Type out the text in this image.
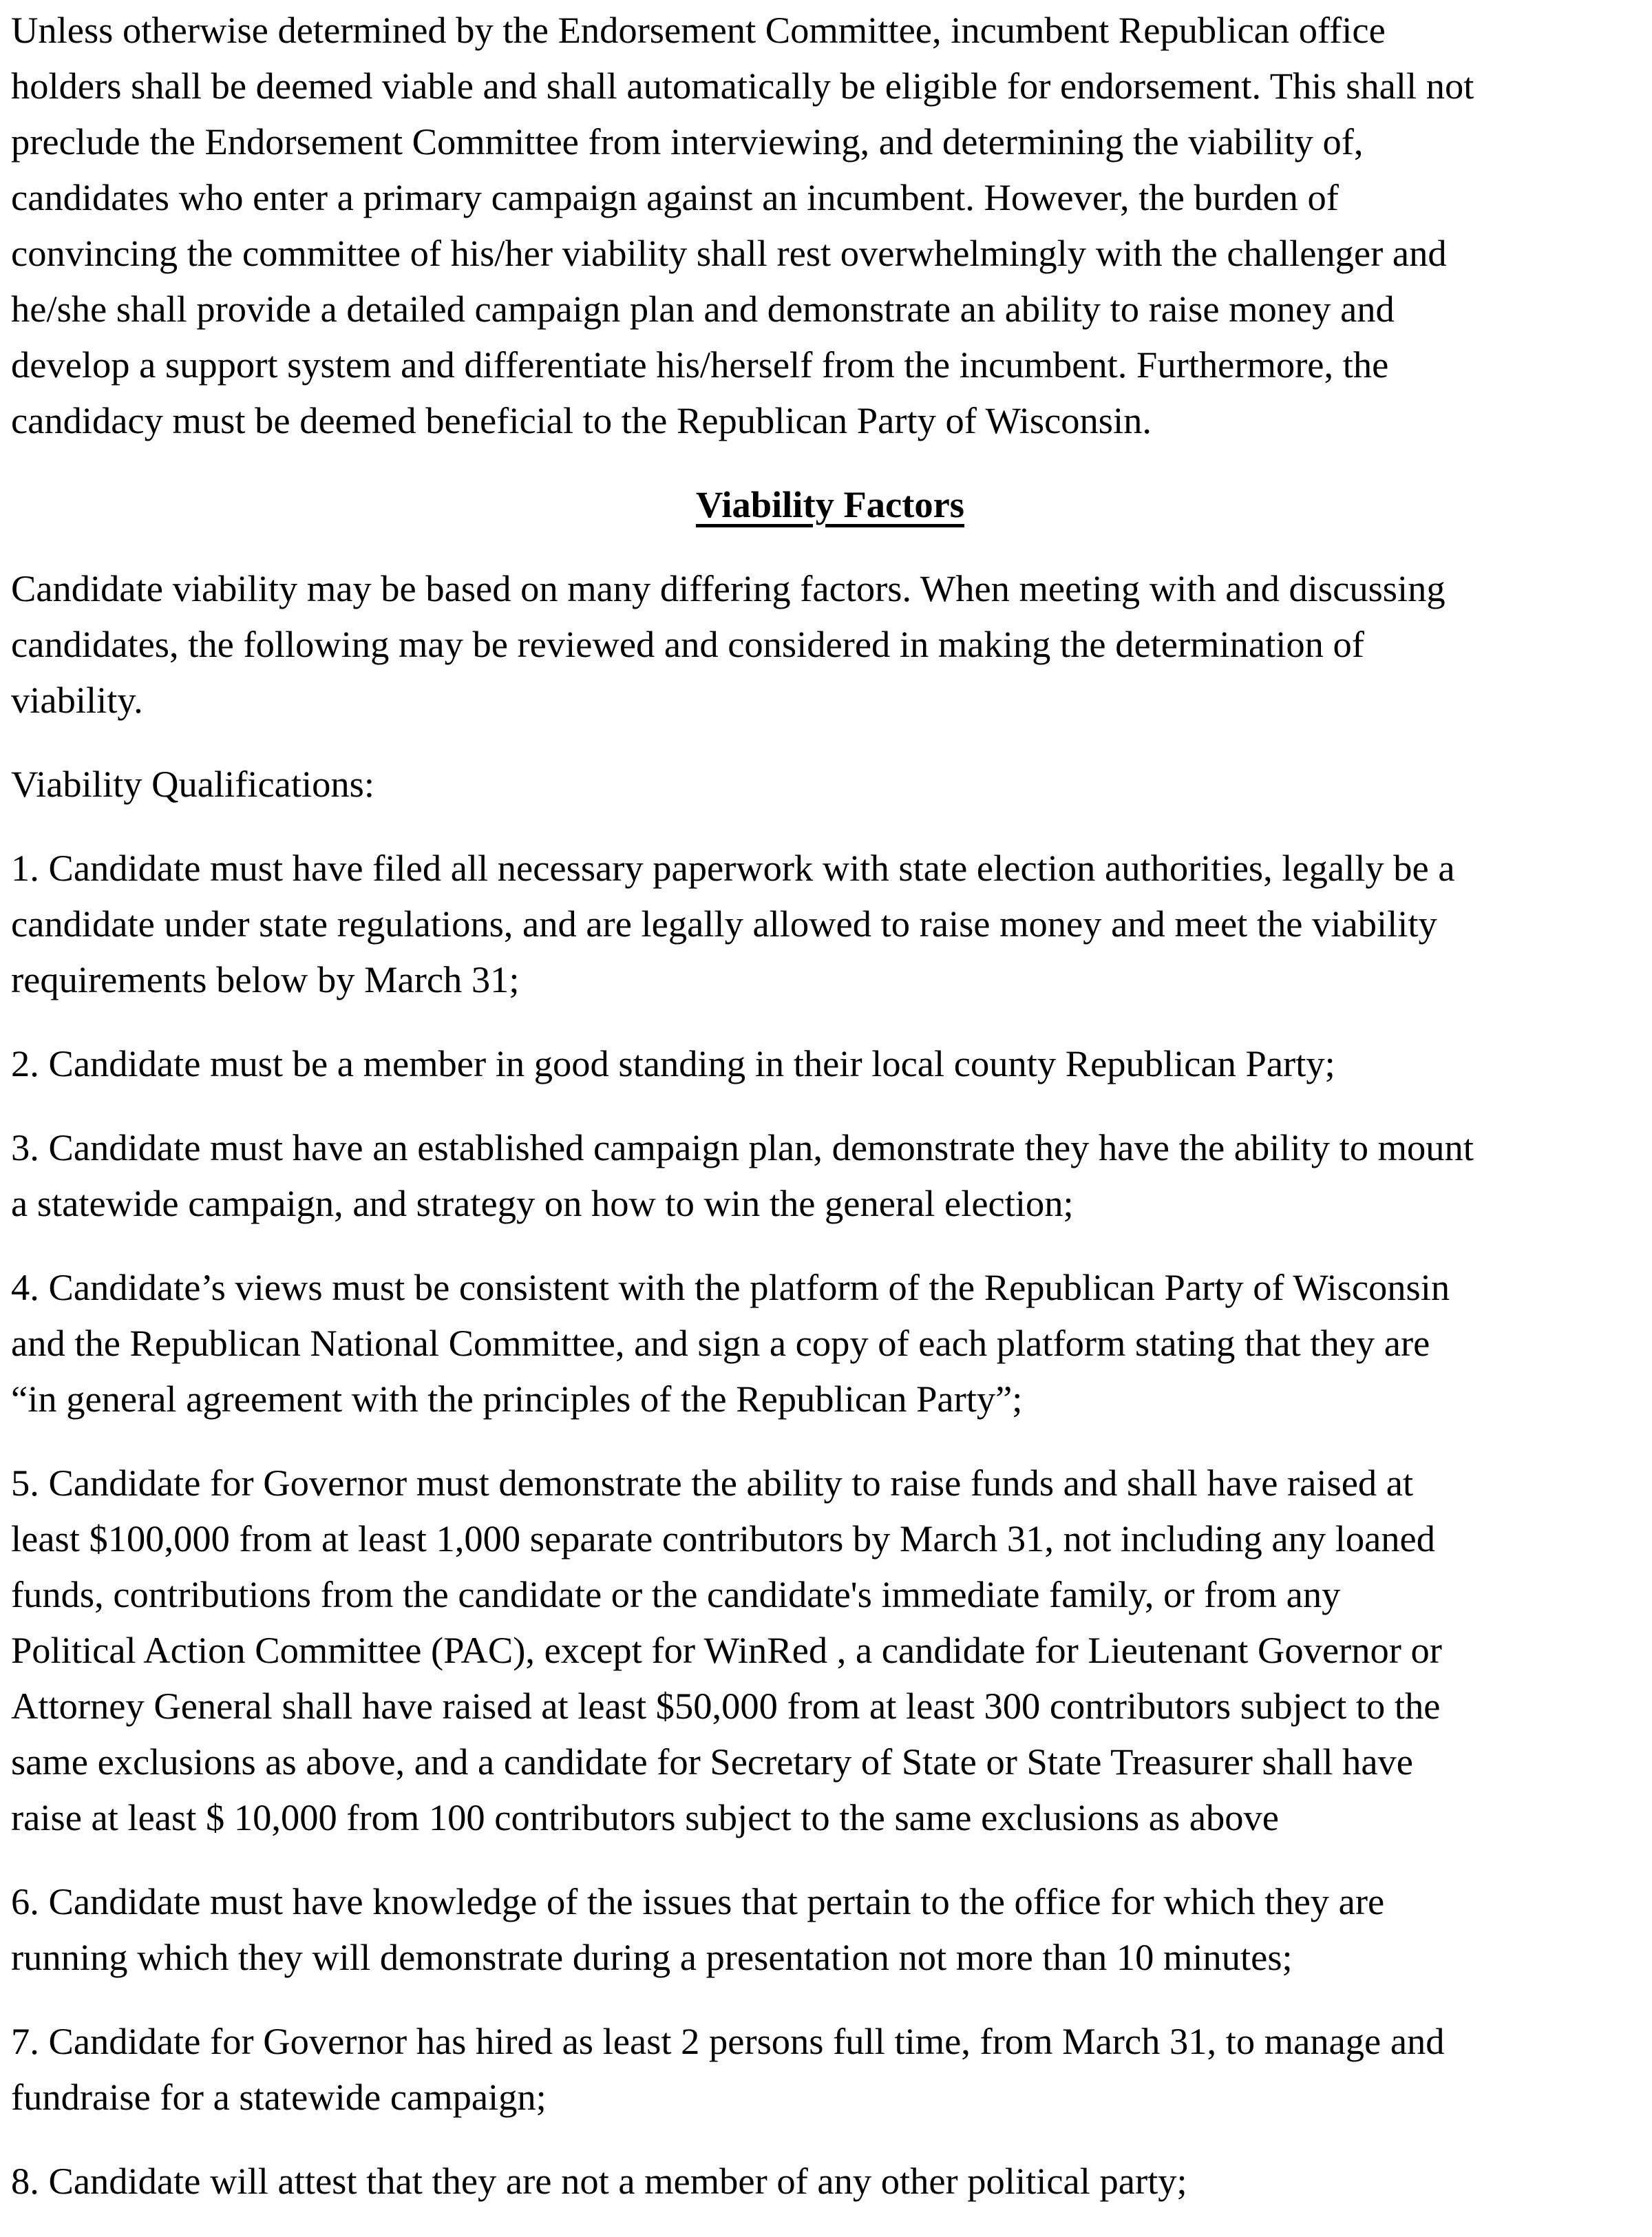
Unless otherwise determined by the Endorsement Committee, incumbent Republican office
holders shall be deemed viable and shall automatically be eligible for endorsement. This shall not
preclude the Endorsement Committee from interviewing, and determining the viability of,
candidates who enter a primary campaign against an incumbent. However, the burden of
convincing the committee of his/her viability shall rest overwhelmingly with the challenger and
he/she shall provide a detailed campaign plan and demonstrate an ability to raise money and
develop a support system and differentiate his/herself from the incumbent. Furthermore, the
candidacy must be deemed beneficial to the Republican Party of Wisconsin.

Viability Factors

Candidate viability may be based on many differing factors. When meeting with and discussing
candidates, the following may be reviewed and considered in making the determination of
viability.

Viability Qualifications:

1. Candidate must have filed all necessary paperwork with state election authorities, legally be a
candidate under state regulations, and are legally allowed to raise money and meet the viability
requirements below by March 31;

2. Candidate must be a member in good standing in their local county Republican Party;

3. Candidate must have an established campaign plan, demonstrate they have the ability to mount
a statewide campaign, and strategy on how to win the general election;

4. Candidate’s views must be consistent with the platform of the Republican Party of Wisconsin
and the Republican National Committee, and sign a copy of each platform stating that they are
“in general agreement with the principles of the Republican Party”;

5. Candidate for Governor must demonstrate the ability to raise funds and shall have raised at
least $100,000 from at least 1,000 separate contributors by March 31, not including any loaned
funds, contributions from the candidate or the candidate's immediate family, or from any
Political Action Committee (PAC), except for WinRed , a candidate for Lieutenant Governor or
Attorney General shall have raised at least $50,000 from at least 300 contributors subject to the
same exclusions as above, and a candidate for Secretary of State or State Treasurer shall have
raise at least $ 10,000 from 100 contributors subject to the same exclusions as above

6. Candidate must have knowledge of the issues that pertain to the office for which they are
running which they will demonstrate during a presentation not more than 10 minutes;

7. Candidate for Governor has hired as least 2 persons full time, from March 31, to manage and
fundraise for a statewide campaign;

8. Candidate will attest that they are not a member of any other political party;
